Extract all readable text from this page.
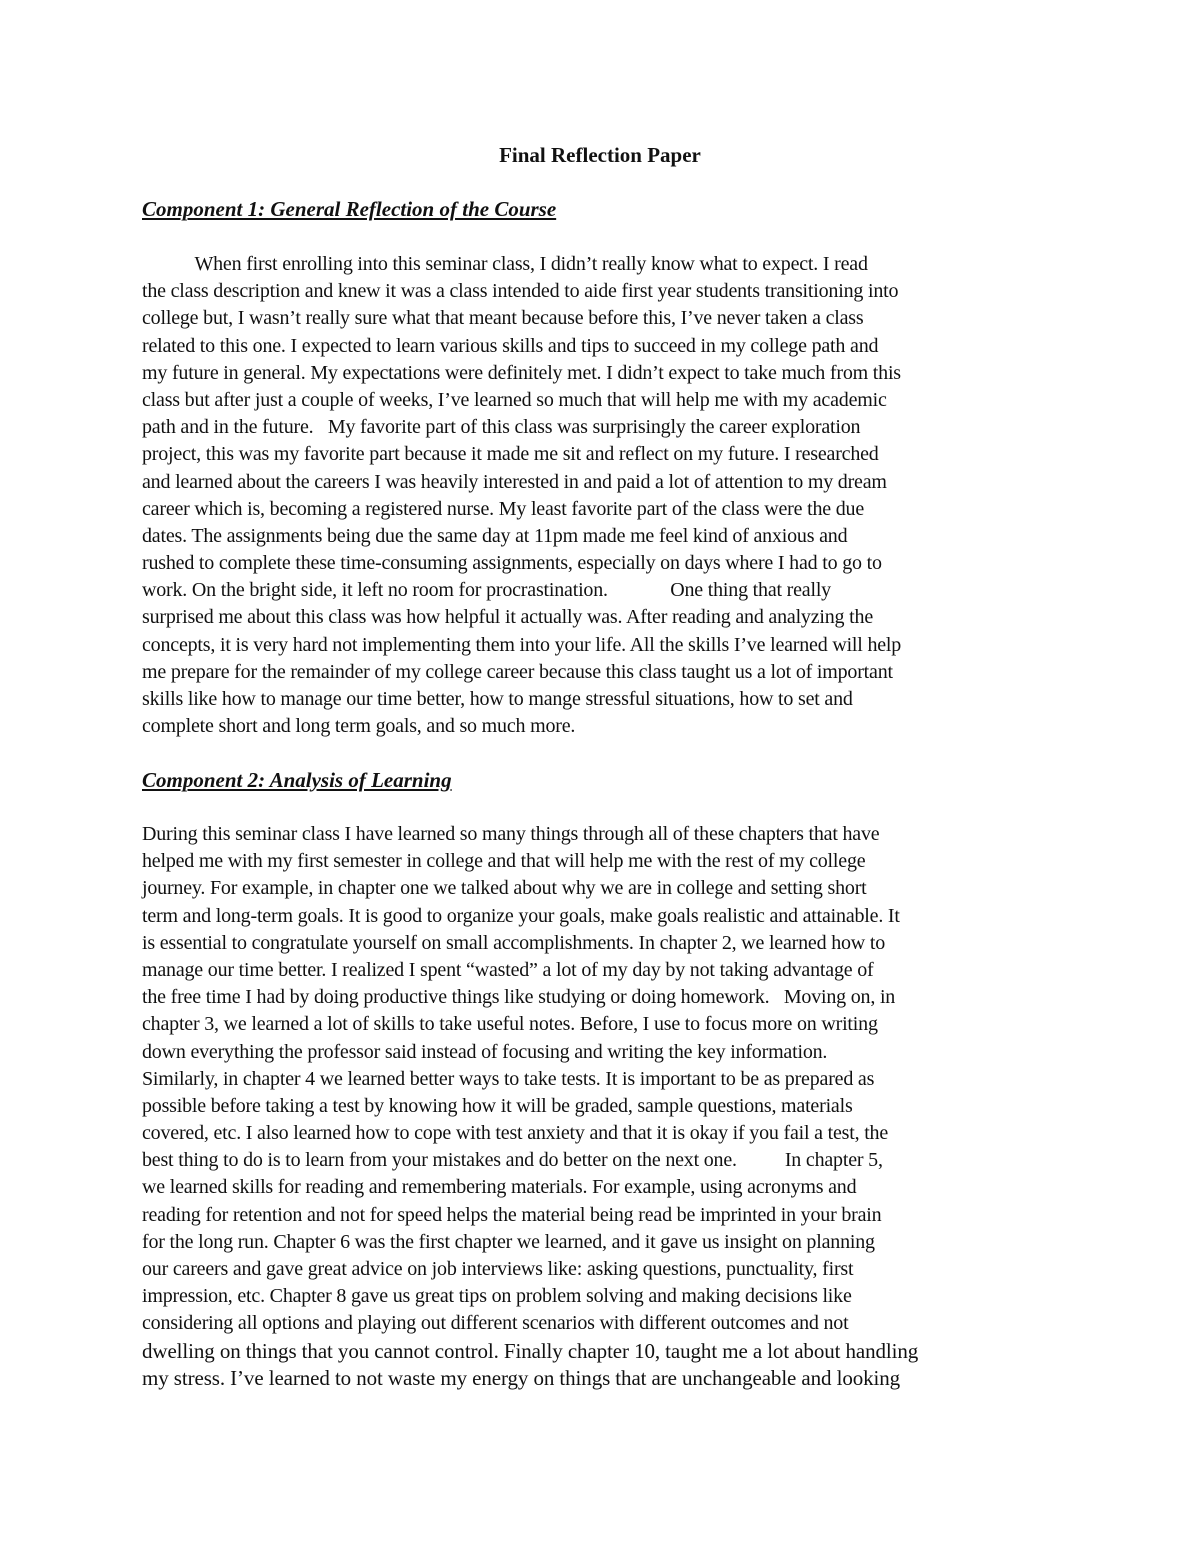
Final Reflection Paper
Component 1: General Reflection of the Course
When first enrolling into this seminar class, I didn’t really know what to expect. I read
the class description and knew it was a class intended to aide first year students transitioning into
college but, I wasn’t really sure what that meant because before this, I’ve never taken a class
related to this one. I expected to learn various skills and tips to succeed in my college path and
my future in general. My expectations were definitely met. I didn’t expect to take much from this
class but after just a couple of weeks, I’ve learned so much that will help me with my academic
path and in the future.   My favorite part of this class was surprisingly the career exploration
project, this was my favorite part because it made me sit and reflect on my future. I researched
and learned about the careers I was heavily interested in and paid a lot of attention to my dream
career which is, becoming a registered nurse. My least favorite part of the class were the due
dates. The assignments being due the same day at 11pm made me feel kind of anxious and
rushed to complete these time-consuming assignments, especially on days where I had to go to
work. On the bright side, it left no room for procrastination.             One thing that really
surprised me about this class was how helpful it actually was. After reading and analyzing the
concepts, it is very hard not implementing them into your life. All the skills I’ve learned will help
me prepare for the remainder of my college career because this class taught us a lot of important
skills like how to manage our time better, how to mange stressful situations, how to set and
complete short and long term goals, and so much more.
Component 2: Analysis of Learning
During this seminar class I have learned so many things through all of these chapters that have
helped me with my first semester in college and that will help me with the rest of my college
journey. For example, in chapter one we talked about why we are in college and setting short
term and long-term goals. It is good to organize your goals, make goals realistic and attainable. It
is essential to congratulate yourself on small accomplishments. In chapter 2, we learned how to
manage our time better. I realized I spent “wasted” a lot of my day by not taking advantage of
the free time I had by doing productive things like studying or doing homework.   Moving on, in
chapter 3, we learned a lot of skills to take useful notes. Before, I use to focus more on writing
down everything the professor said instead of focusing and writing the key information.
Similarly, in chapter 4 we learned better ways to take tests. It is important to be as prepared as
possible before taking a test by knowing how it will be graded, sample questions, materials
covered, etc. I also learned how to cope with test anxiety and that it is okay if you fail a test, the
best thing to do is to learn from your mistakes and do better on the next one.          In chapter 5,
we learned skills for reading and remembering materials. For example, using acronyms and
reading for retention and not for speed helps the material being read be imprinted in your brain
for the long run. Chapter 6 was the first chapter we learned, and it gave us insight on planning
our careers and gave great advice on job interviews like: asking questions, punctuality, first
impression, etc. Chapter 8 gave us great tips on problem solving and making decisions like
considering all options and playing out different scenarios with different outcomes and not
dwelling on things that you cannot control. Finally chapter 10, taught me a lot about handling
my stress. I’ve learned to not waste my energy on things that are unchangeable and looking
